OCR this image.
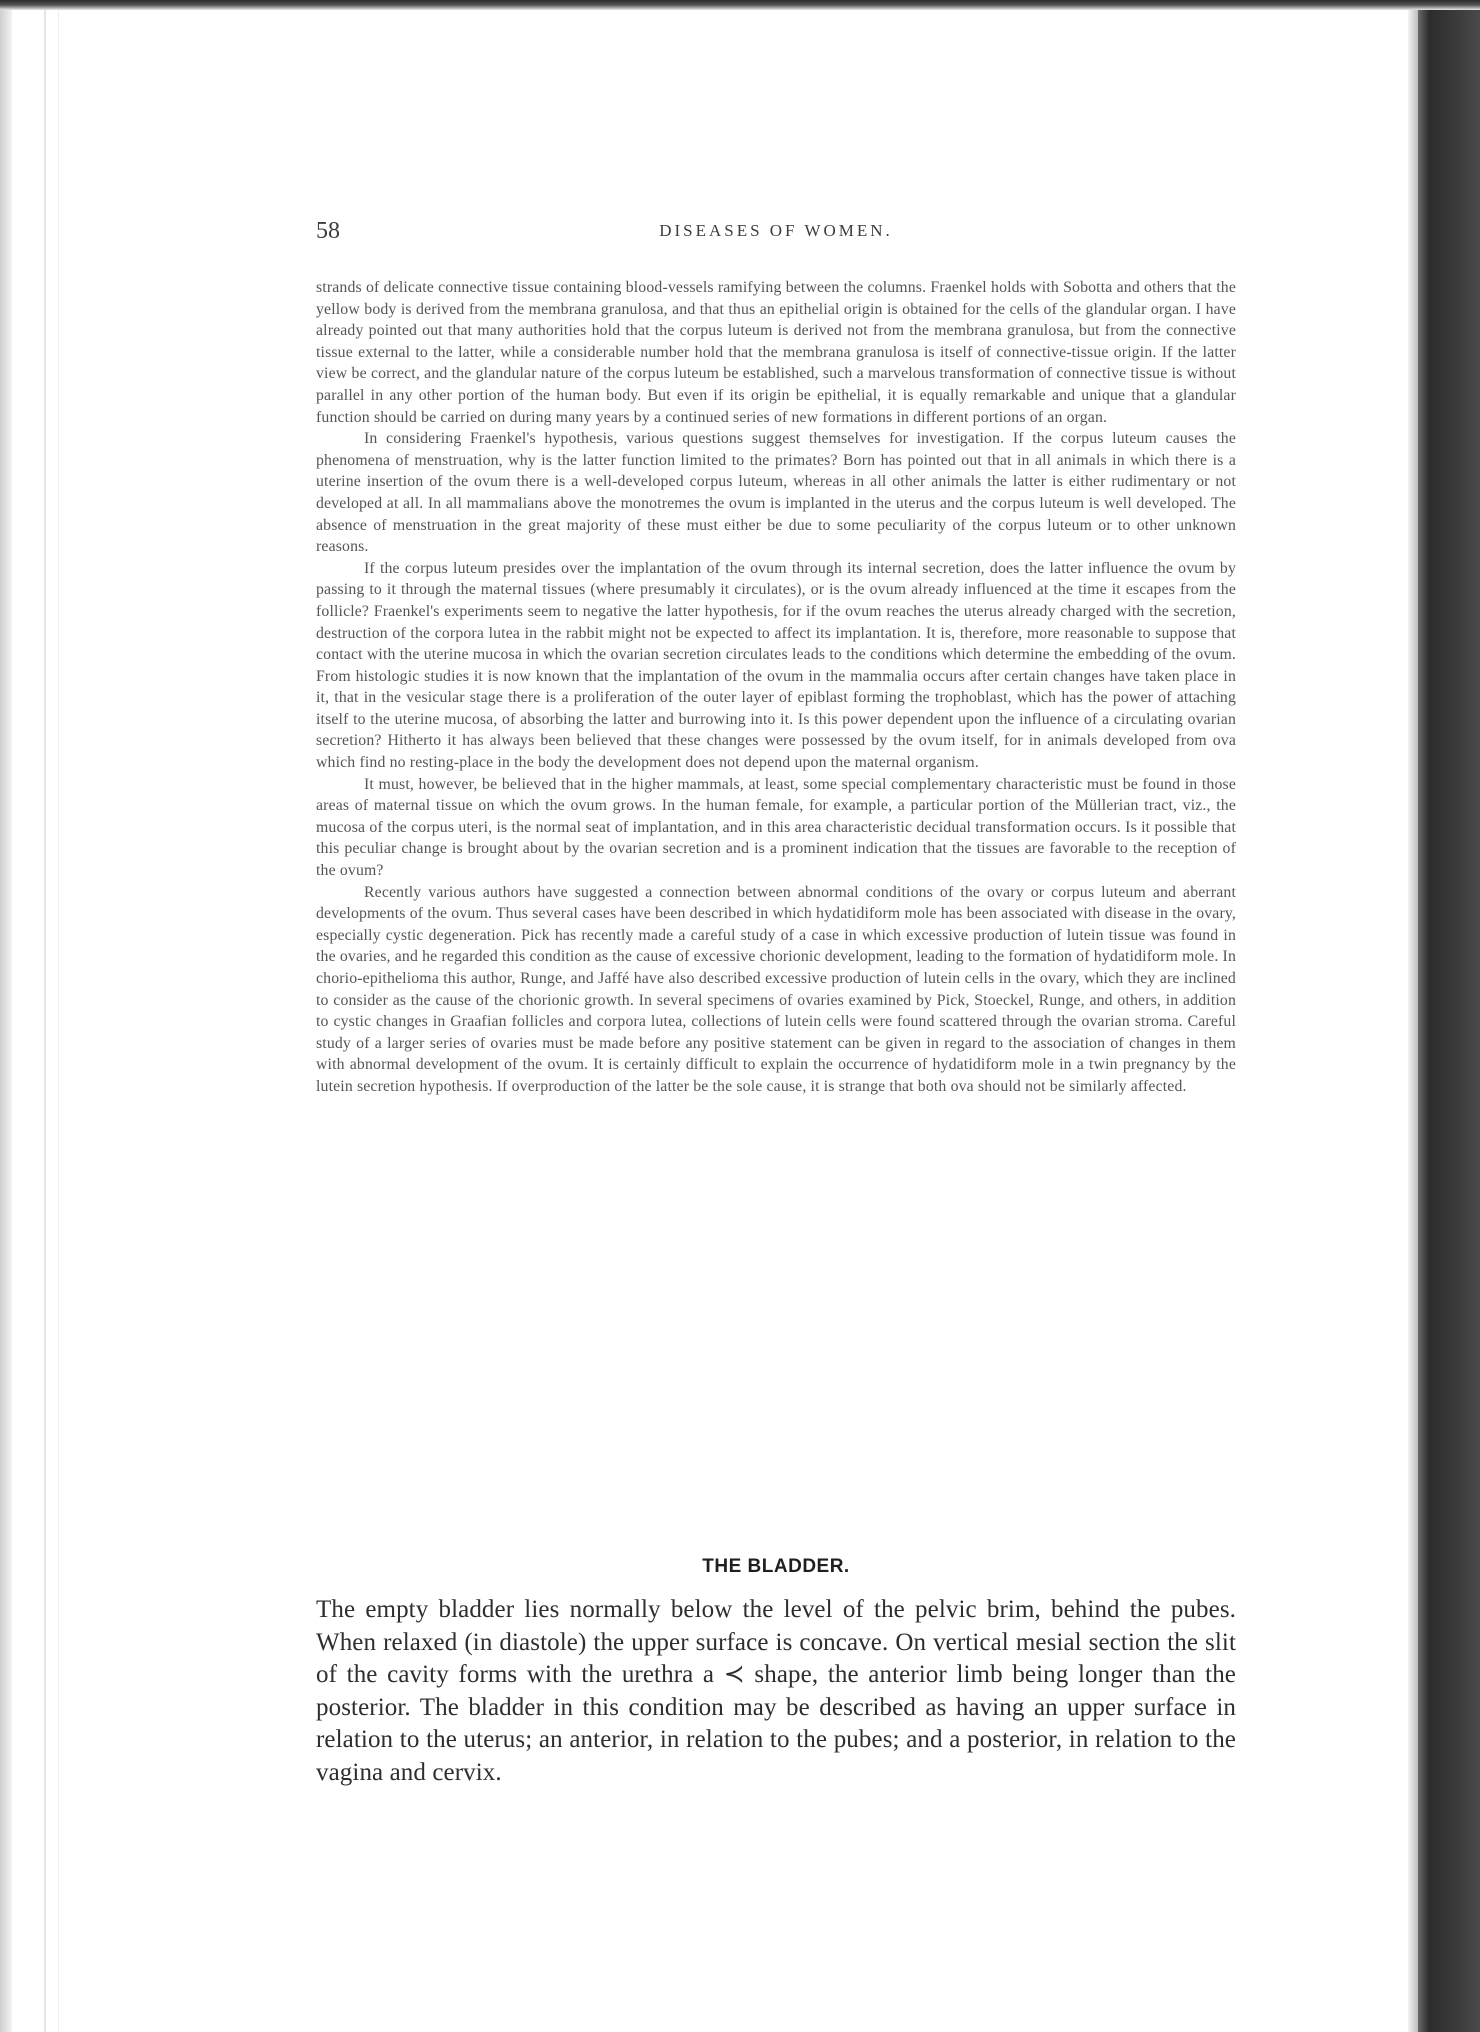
58	DISEASES OF WOMEN.

strands of delicate connective tissue containing blood-vessels ramifying between the columns. Fraenkel holds with Sobotta and others that the yellow body is derived from the membrana granulosa, and that thus an epithelial origin is obtained for the cells of the glandular organ. I have already pointed out that many authorities hold that the corpus luteum is derived not from the membrana granulosa, but from the connective tissue external to the latter, while a considerable number hold that the membrana granulosa is itself of connective-tissue origin. If the latter view be correct, and the glandular nature of the corpus luteum be established, such a marvelous transformation of connective tissue is without parallel in any other portion of the human body. But even if its origin be epithelial, it is equally remarkable and unique that a glandular function should be carried on during many years by a continued series of new formations in different portions of an organ.

In considering Fraenkel's hypothesis, various questions suggest themselves for investigation. If the corpus luteum causes the phenomena of menstruation, why is the latter function limited to the primates? Born has pointed out that in all animals in which there is a uterine insertion of the ovum there is a well-developed corpus luteum, whereas in all other animals the latter is either rudimentary or not developed at all. In all mammalians above the monotremes the ovum is implanted in the uterus and the corpus luteum is well developed. The absence of menstruation in the great majority of these must either be due to some peculiarity of the corpus luteum or to other unknown reasons.

If the corpus luteum presides over the implantation of the ovum through its internal secretion, does the latter influence the ovum by passing to it through the maternal tissues (where presumably it circulates), or is the ovum already influenced at the time it escapes from the follicle? Fraenkel's experiments seem to negative the latter hypothesis, for if the ovum reaches the uterus already charged with the secretion, destruction of the corpora lutea in the rabbit might not be expected to affect its implantation. It is, therefore, more reasonable to suppose that contact with the uterine mucosa in which the ovarian secretion circulates leads to the conditions which determine the embedding of the ovum. From histologic studies it is now known that the implantation of the ovum in the mammalia occurs after certain changes have taken place in it, that in the vesicular stage there is a proliferation of the outer layer of epiblast forming the trophoblast, which has the power of attaching itself to the uterine mucosa, of absorbing the latter and burrowing into it. Is this power dependent upon the influence of a circulating ovarian secretion? Hitherto it has always been believed that these changes were possessed by the ovum itself, for in animals developed from ova which find no resting-place in the body the development does not depend upon the maternal organism.

It must, however, be believed that in the higher mammals, at least, some special complementary characteristic must be found in those areas of maternal tissue on which the ovum grows. In the human female, for example, a particular portion of the Müllerian tract, viz., the mucosa of the corpus uteri, is the normal seat of implantation, and in this area characteristic decidual transformation occurs. Is it possible that this peculiar change is brought about by the ovarian secretion and is a prominent indication that the tissues are favorable to the reception of the ovum?

Recently various authors have suggested a connection between abnormal conditions of the ovary or corpus luteum and aberrant developments of the ovum. Thus several cases have been described in which hydatidiform mole has been associated with disease in the ovary, especially cystic degeneration. Pick has recently made a careful study of a case in which excessive production of lutein tissue was found in the ovaries, and he regarded this condition as the cause of excessive chorionic development, leading to the formation of hydatidiform mole. In chorio-epithelioma this author, Runge, and Jaffé have also described excessive production of lutein cells in the ovary, which they are inclined to consider as the cause of the chorionic growth. In several specimens of ovaries examined by Pick, Stoeckel, Runge, and others, in addition to cystic changes in Graafian follicles and corpora lutea, collections of lutein cells were found scattered through the ovarian stroma. Careful study of a larger series of ovaries must be made before any positive statement can be given in regard to the association of changes in them with abnormal development of the ovum. It is certainly difficult to explain the occurrence of hydatidiform mole in a twin pregnancy by the lutein secretion hypothesis. If overproduction of the latter be the sole cause, it is strange that both ova should not be similarly affected.

THE BLADDER.

The empty bladder lies normally below the level of the pelvic brim, behind the pubes. When relaxed (in diastole) the upper surface is concave. On vertical mesial section the slit of the cavity forms with the urethra a ≺ shape, the anterior limb being longer than the posterior. The bladder in this condition may be described as having an upper surface in relation to the uterus; an anterior, in relation to the pubes; and a posterior, in relation to the vagina and cervix.
